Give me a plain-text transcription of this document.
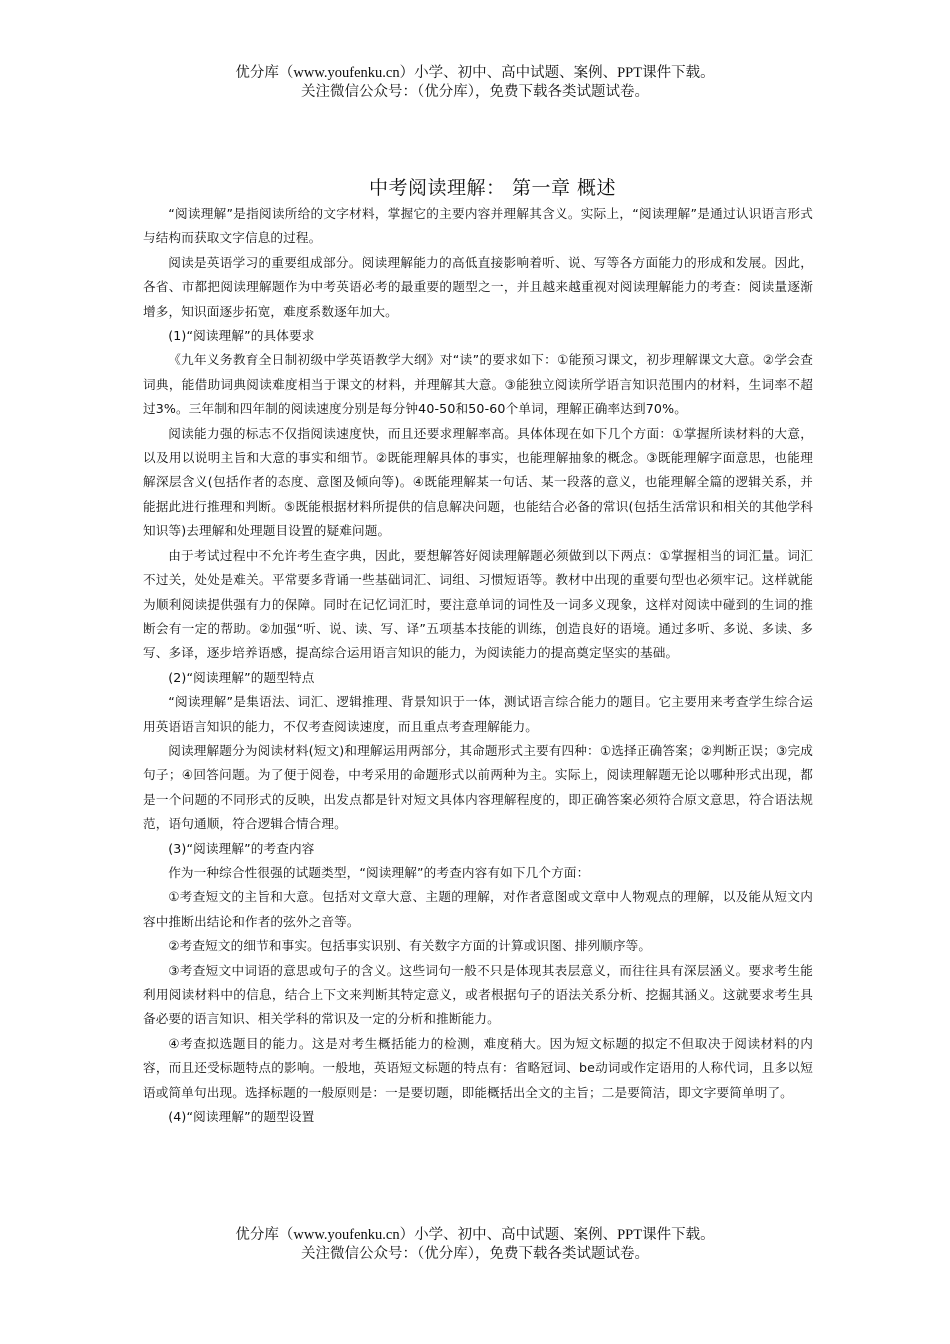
优分库（www.youfenku.cn）小学、初中、高中试题、案例、PPT课件下载。
关注微信公众号：（优分库），免费下载各类试题试卷。
中考阅读理解： 第一章 概述

“阅读理解”是指阅读所给的文字材料，掌握它的主要内容并理解其含义。实际上，“阅读理解”是通过认识语言形式与结构而获取文字信息的过程。

阅读是英语学习的重要组成部分。阅读理解能力的高低直接影响着听、说、写等各方面能力的形成和发展。因此，各省、市都把阅读理解题作为中考英语必考的最重要的题型之一，并且越来越重视对阅读理解能力的考查：阅读量逐渐增多，知识面逐步拓宽，难度系数逐年加大。

(1)“阅读理解”的具体要求

《九年义务教育全日制初级中学英语教学大纲》对“读”的要求如下：①能预习课文，初步理解课文大意。②学会查词典，能借助词典阅读难度相当于课文的材料，并理解其大意。③能独立阅读所学语言知识范围内的材料，生词率不超过3%。三年制和四年制的阅读速度分别是每分钟40-50和50-60个单词，理解正确率达到70%。

阅读能力强的标志不仅指阅读速度快，而且还要求理解率高。具体体现在如下几个方面：①掌握所读材料的大意，以及用以说明主旨和大意的事实和细节。②既能理解具体的事实，也能理解抽象的概念。③既能理解字面意思，也能理解深层含义(包括作者的态度、意图及倾向等)。④既能理解某一句话、某一段落的意义，也能理解全篇的逻辑关系，并能据此进行推理和判断。⑤既能根据材料所提供的信息解决问题，也能结合必备的常识(包括生活常识和相关的其他学科知识等)去理解和处理题目设置的疑难问题。

由于考试过程中不允许考生查字典，因此，要想解答好阅读理解题必须做到以下两点：①掌握相当的词汇量。词汇不过关，处处是难关。平常要多背诵一些基础词汇、词组、习惯短语等。教材中出现的重要句型也必须牢记。这样就能为顺利阅读提供强有力的保障。同时在记忆词汇时，要注意单词的词性及一词多义现象，这样对阅读中碰到的生词的推断会有一定的帮助。②加强“听、说、读、写、译”五项基本技能的训练，创造良好的语境。通过多听、多说、多读、多写、多译，逐步培养语感，提高综合运用语言知识的能力，为阅读能力的提高奠定坚实的基础。

(2)“阅读理解”的题型特点

“阅读理解”是集语法、词汇、逻辑推理、背景知识于一体，测试语言综合能力的题目。它主要用来考查学生综合运用英语语言知识的能力，不仅考查阅读速度，而且重点考查理解能力。

阅读理解题分为阅读材料(短文)和理解运用两部分，其命题形式主要有四种：①选择正确答案；②判断正误；③完成句子；④回答问题。为了便于阅卷，中考采用的命题形式以前两种为主。实际上，阅读理解题无论以哪种形式出现，都是一个问题的不同形式的反映，出发点都是针对短文具体内容理解程度的，即正确答案必须符合原文意思，符合语法规范，语句通顺，符合逻辑合情合理。

(3)“阅读理解”的考查内容

作为一种综合性很强的试题类型，“阅读理解”的考查内容有如下几个方面：

①考查短文的主旨和大意。包括对文章大意、主题的理解，对作者意图或文章中人物观点的理解，以及能从短文内容中推断出结论和作者的弦外之音等。

②考查短文的细节和事实。包括事实识别、有关数字方面的计算或识图、排列顺序等。

③考查短文中词语的意思或句子的含义。这些词句一般不只是体现其表层意义，而往往具有深层涵义。要求考生能利用阅读材料中的信息，结合上下文来判断其特定意义，或者根据句子的语法关系分析、挖掘其涵义。这就要求考生具备必要的语言知识、相关学科的常识及一定的分析和推断能力。

④考查拟选题目的能力。这是对考生概括能力的检测，难度稍大。因为短文标题的拟定不但取决于阅读材料的内容，而且还受标题特点的影响。一般地，英语短文标题的特点有：省略冠词、be动词或作定语用的人称代词，且多以短语或简单句出现。选择标题的一般原则是：一是要切题，即能概括出全文的主旨；二是要简洁，即文字要简单明了。

(4)“阅读理解”的题型设置

优分库（www.youfenku.cn）小学、初中、高中试题、案例、PPT课件下载。
关注微信公众号：（优分库），免费下载各类试题试卷。
